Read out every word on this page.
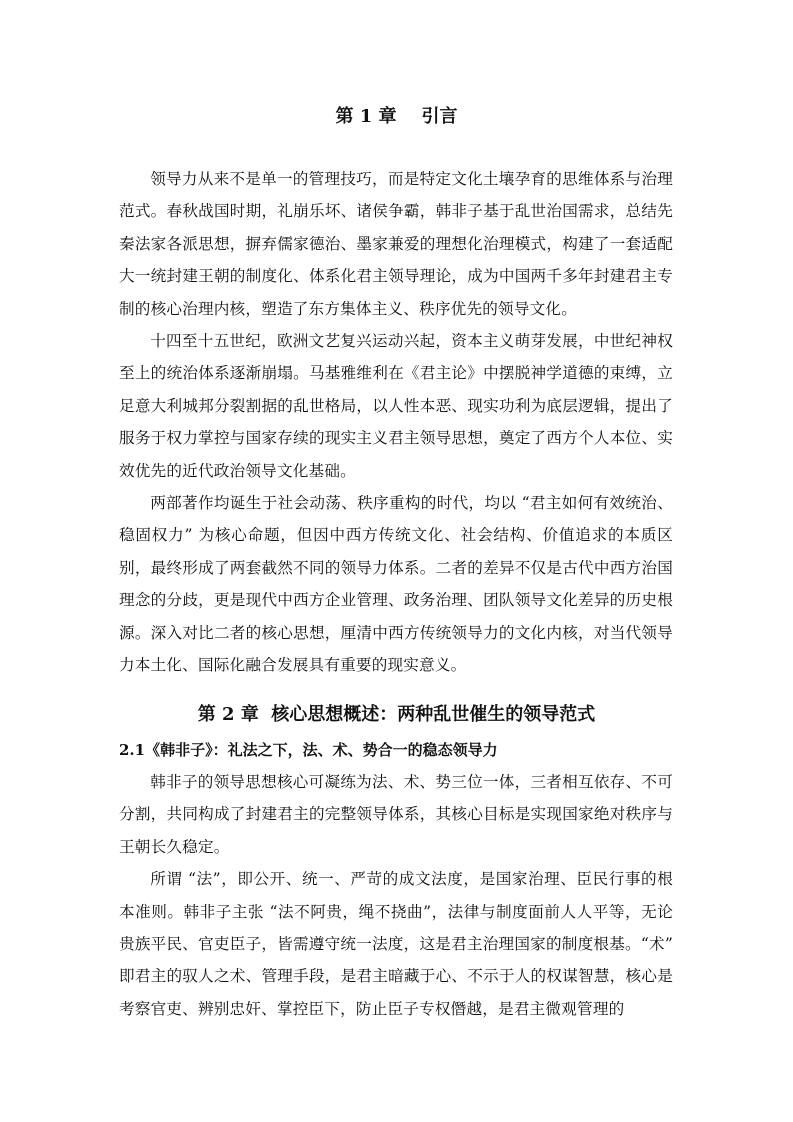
第 1 章    引言

领导力从来不是单一的管理技巧，而是特定文化土壤孕育的思维体系与治理范式。春秋战国时期，礼崩乐坏、诸侯争霸，韩非子基于乱世治国需求，总结先秦法家各派思想，摒弃儒家德治、墨家兼爱的理想化治理模式，构建了一套适配大一统封建王朝的制度化、体系化君主领导理论，成为中国两千多年封建君主专制的核心治理内核，塑造了东方集体主义、秩序优先的领导文化。

十四至十五世纪，欧洲文艺复兴运动兴起，资本主义萌芽发展，中世纪神权至上的统治体系逐渐崩塌。马基雅维利在《君主论》中摆脱神学道德的束缚，立足意大利城邦分裂割据的乱世格局，以人性本恶、现实功利为底层逻辑，提出了服务于权力掌控与国家存续的现实主义君主领导思想，奠定了西方个人本位、实效优先的近代政治领导文化基础。

两部著作均诞生于社会动荡、秩序重构的时代，均以 “君主如何有效统治、稳固权力” 为核心命题，但因中西方传统文化、社会结构、价值追求的本质区别，最终形成了两套截然不同的领导力体系。二者的差异不仅是古代中西方治国理念的分歧，更是现代中西方企业管理、政务治理、团队领导文化差异的历史根源。深入对比二者的核心思想，厘清中西方传统领导力的文化内核，对当代领导力本土化、国际化融合发展具有重要的现实意义。

第 2 章  核心思想概述：两种乱世催生的领导范式
2.1《韩非子》：礼法之下，法、术、势合一的稳态领导力

韩非子的领导思想核心可凝练为法、术、势三位一体，三者相互依存、不可分割，共同构成了封建君主的完整领导体系，其核心目标是实现国家绝对秩序与王朝长久稳定。

所谓 “法”，即公开、统一、严苛的成文法度，是国家治理、臣民行事的根本准则。韩非子主张 “法不阿贵，绳不挠曲”，法律与制度面前人人平等，无论贵族平民、官吏臣子，皆需遵守统一法度，这是君主治理国家的制度根基。“术” 即君主的驭人之术、管理手段，是君主暗藏于心、不示于人的权谋智慧，核心是考察官吏、辨别忠奸、掌控臣下，防止臣子专权僭越，是君主微观管理的
